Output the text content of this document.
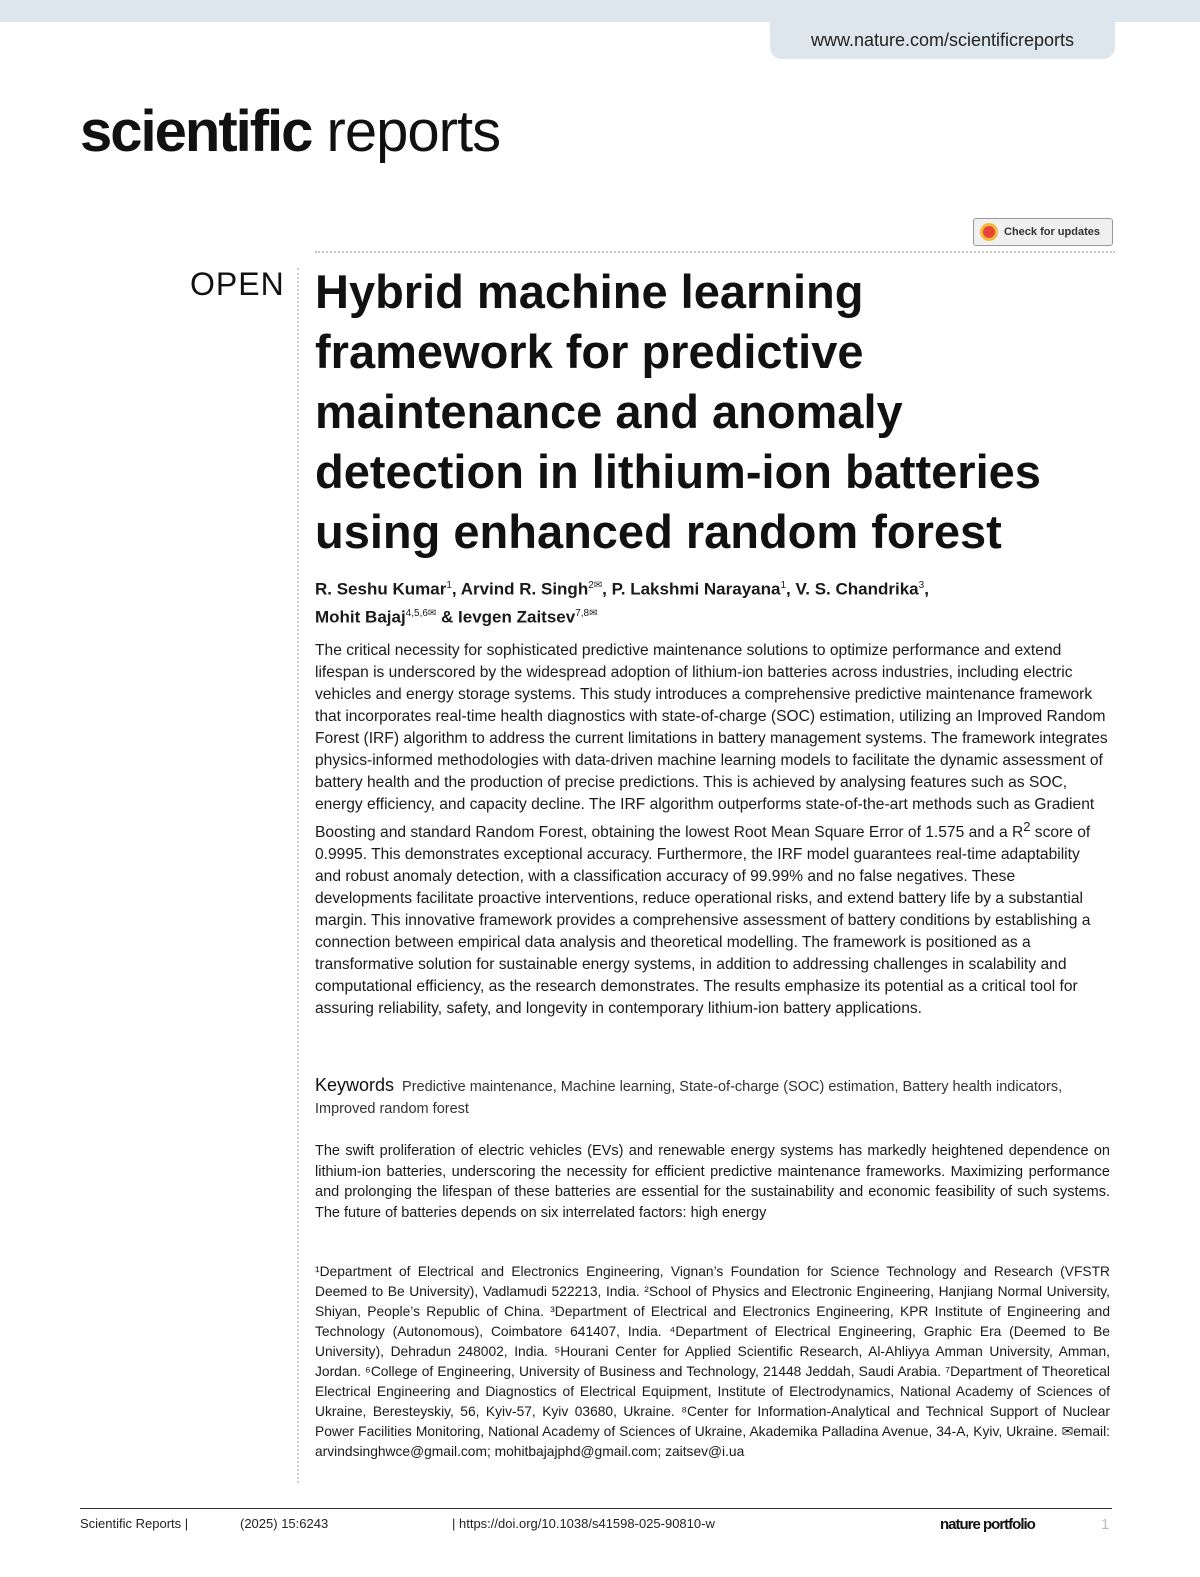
www.nature.com/scientificreports
scientific reports
Check for updates
OPEN Hybrid machine learning framework for predictive maintenance and anomaly detection in lithium-ion batteries using enhanced random forest
R. Seshu Kumar$^1$, Arvind R. Singh$^{2✉}$, P. Lakshmi Narayana$^1$, V. S. Chandrika$^3$,
Mohit Bajaj$^{4,5,6✉}$ & Ievgen Zaitsev$^{7,8✉}$

The critical necessity for sophisticated predictive maintenance solutions to optimize performance and extend lifespan is underscored by the widespread adoption of lithium-ion batteries across industries, including electric vehicles and energy storage systems. This study introduces a comprehensive predictive maintenance framework that incorporates real-time health diagnostics with state-of-charge (SOC) estimation, utilizing an Improved Random Forest (IRF) algorithm to address the current limitations in battery management systems. The framework integrates physics-informed methodologies with data-driven machine learning models to facilitate the dynamic assessment of battery health and the production of precise predictions. This is achieved by analysing features such as SOC, energy efficiency, and capacity decline. The IRF algorithm outperforms state-of-the-art methods such as Gradient Boosting and standard Random Forest, obtaining the lowest Root Mean Square Error of 1.575 and a $R^2$ score of 0.9995. This demonstrates exceptional accuracy. Furthermore, the IRF model guarantees real-time adaptability and robust anomaly detection, with a classification accuracy of 99.99% and no false negatives. These developments facilitate proactive interventions, reduce operational risks, and extend battery life by a substantial margin. This innovative framework provides a comprehensive assessment of battery conditions by establishing a connection between empirical data analysis and theoretical modelling. The framework is positioned as a transformative solution for sustainable energy systems, in addition to addressing challenges in scalability and computational efficiency, as the research demonstrates. The results emphasize its potential as a critical tool for assuring reliability, safety, and longevity in contemporary lithium-ion battery applications.

Keywords Predictive maintenance, Machine learning, State-of-charge (SOC) estimation, Battery health indicators, Improved random forest

The swift proliferation of electric vehicles (EVs) and renewable energy systems has markedly heightened dependence on lithium-ion batteries, underscoring the necessity for efficient predictive maintenance frameworks. Maximizing performance and prolonging the lifespan of these batteries are essential for the sustainability and economic feasibility of such systems. The future of batteries depends on six interrelated factors: high energy

¹Department of Electrical and Electronics Engineering, Vignan’s Foundation for Science Technology and Research (VFSTR Deemed to Be University), Vadlamudi 522213, India. ²School of Physics and Electronic Engineering, Hanjiang Normal University, Shiyan, People’s Republic of China. ³Department of Electrical and Electronics Engineering, KPR Institute of Engineering and Technology (Autonomous), Coimbatore 641407, India. ⁴Department of Electrical Engineering, Graphic Era (Deemed to Be University), Dehradun 248002, India. ⁵Hourani Center for Applied Scientific Research, Al-Ahliyya Amman University, Amman, Jordan. ⁶College of Engineering, University of Business and Technology, 21448 Jeddah, Saudi Arabia. ⁷Department of Theoretical Electrical Engineering and Diagnostics of Electrical Equipment, Institute of Electrodynamics, National Academy of Sciences of Ukraine, Beresteyskiy, 56, Kyiv-57, Kyiv 03680, Ukraine. ⁸Center for Information-Analytical and Technical Support of Nuclear Power Facilities Monitoring, National Academy of Sciences of Ukraine, Akademika Palladina Avenue, 34-A, Kyiv, Ukraine. ✉email: arvindsinghwce@gmail.com; mohitbajajphd@gmail.com; zaitsev@i.ua

Scientific Reports |	(2025) 15:6243	| https://doi.org/10.1038/s41598-025-90810-w	nature portfolio	1
